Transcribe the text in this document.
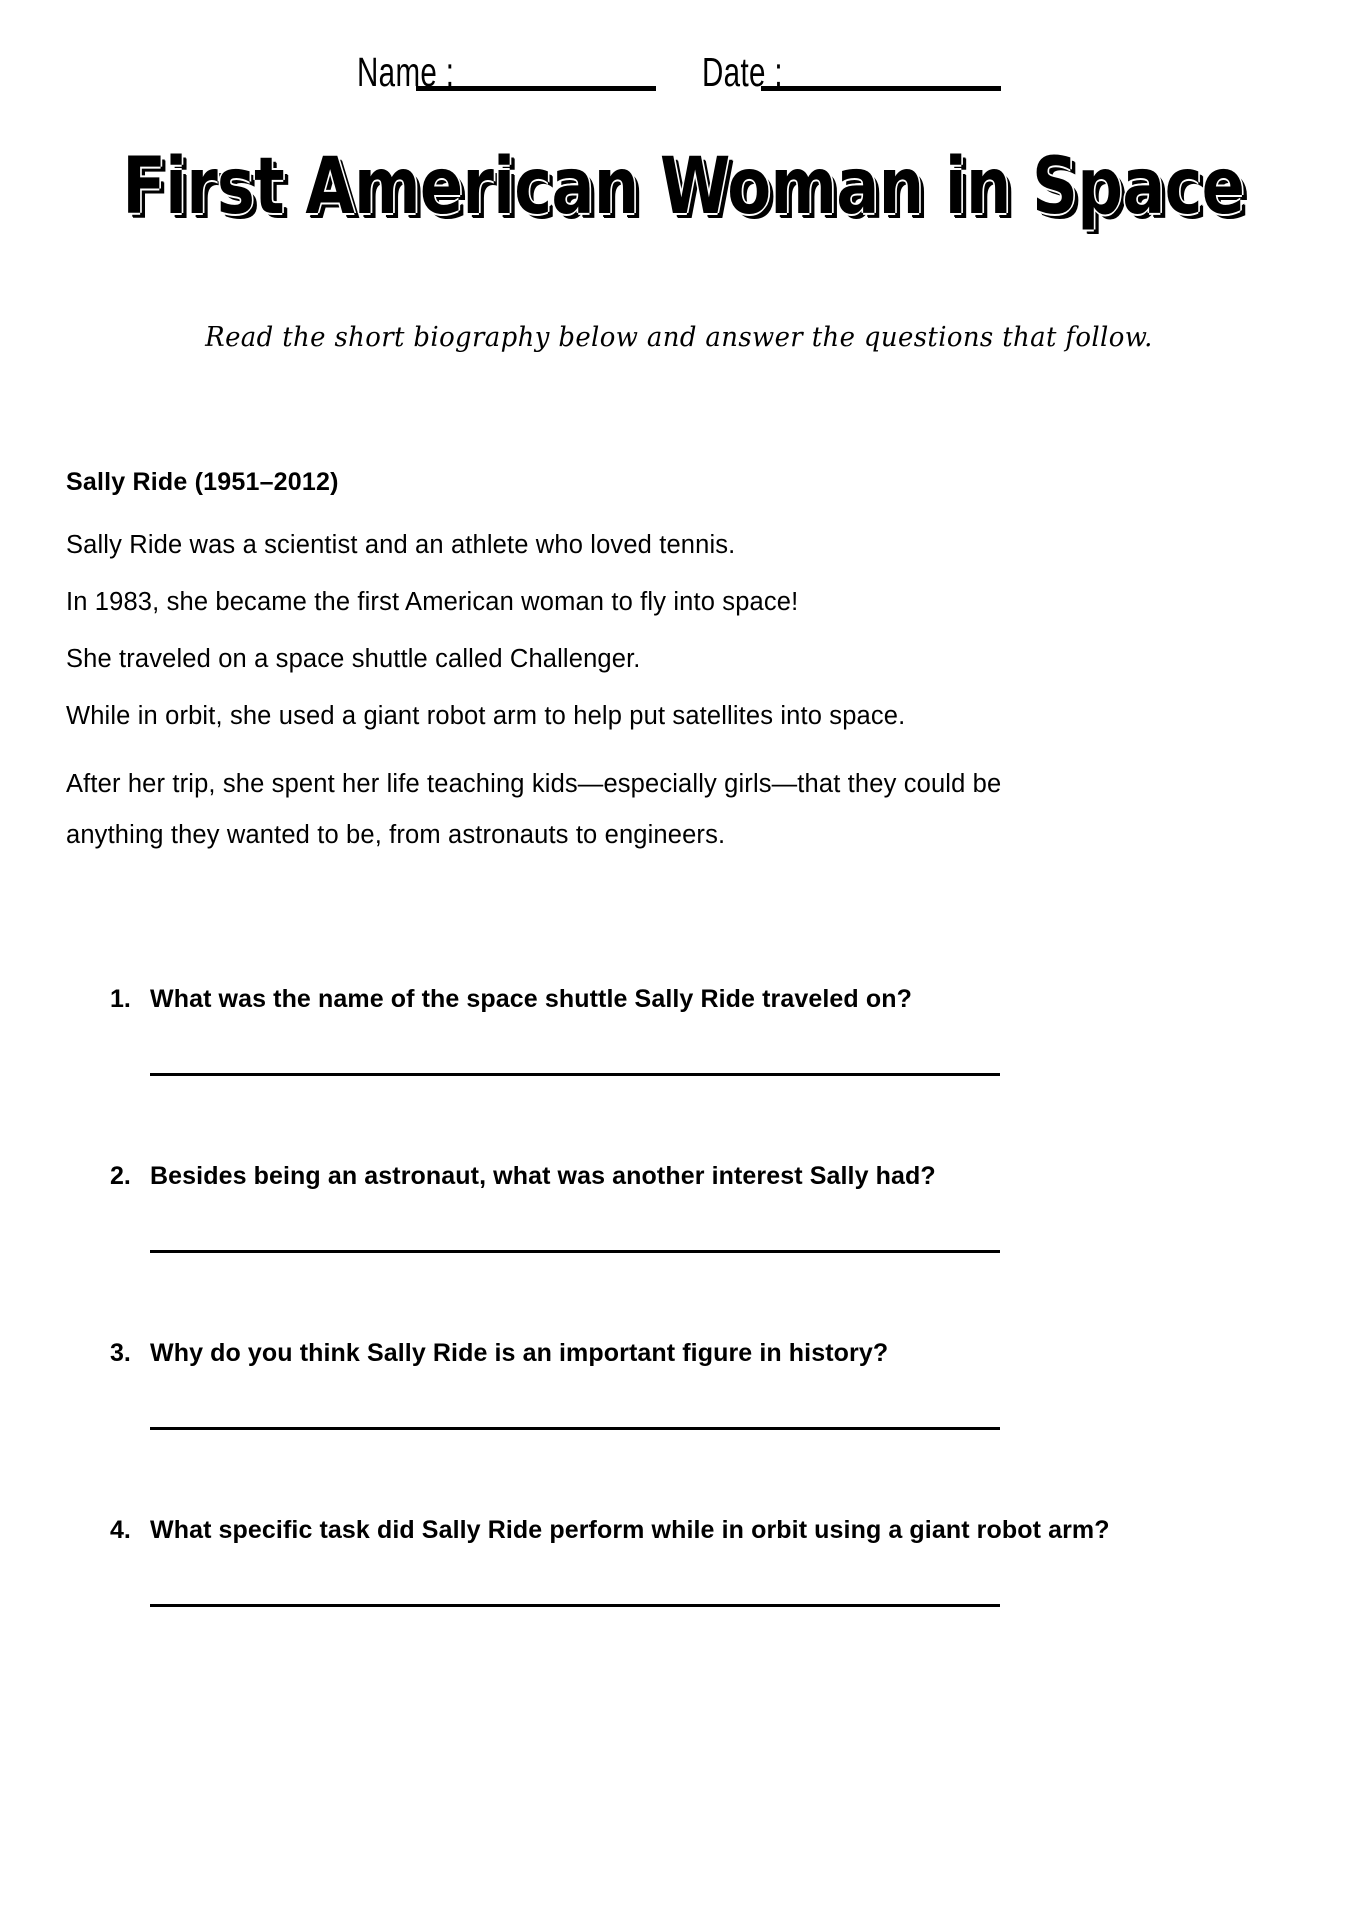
Name :	Date :
First American Woman in Space
Read the short biography below and answer the questions that follow.
Sally Ride (1951–2012)
Sally Ride was a scientist and an athlete who loved tennis.
In 1983, she became the first American woman to fly into space!
She traveled on a space shuttle called Challenger.
While in orbit, she used a giant robot arm to help put satellites into space.
After her trip, she spent her life teaching kids—especially girls—that they could be anything they wanted to be, from astronauts to engineers.
1. What was the name of the space shuttle Sally Ride traveled on?
2. Besides being an astronaut, what was another interest Sally had?
3. Why do you think Sally Ride is an important figure in history?
4. What specific task did Sally Ride perform while in orbit using a giant robot arm?
